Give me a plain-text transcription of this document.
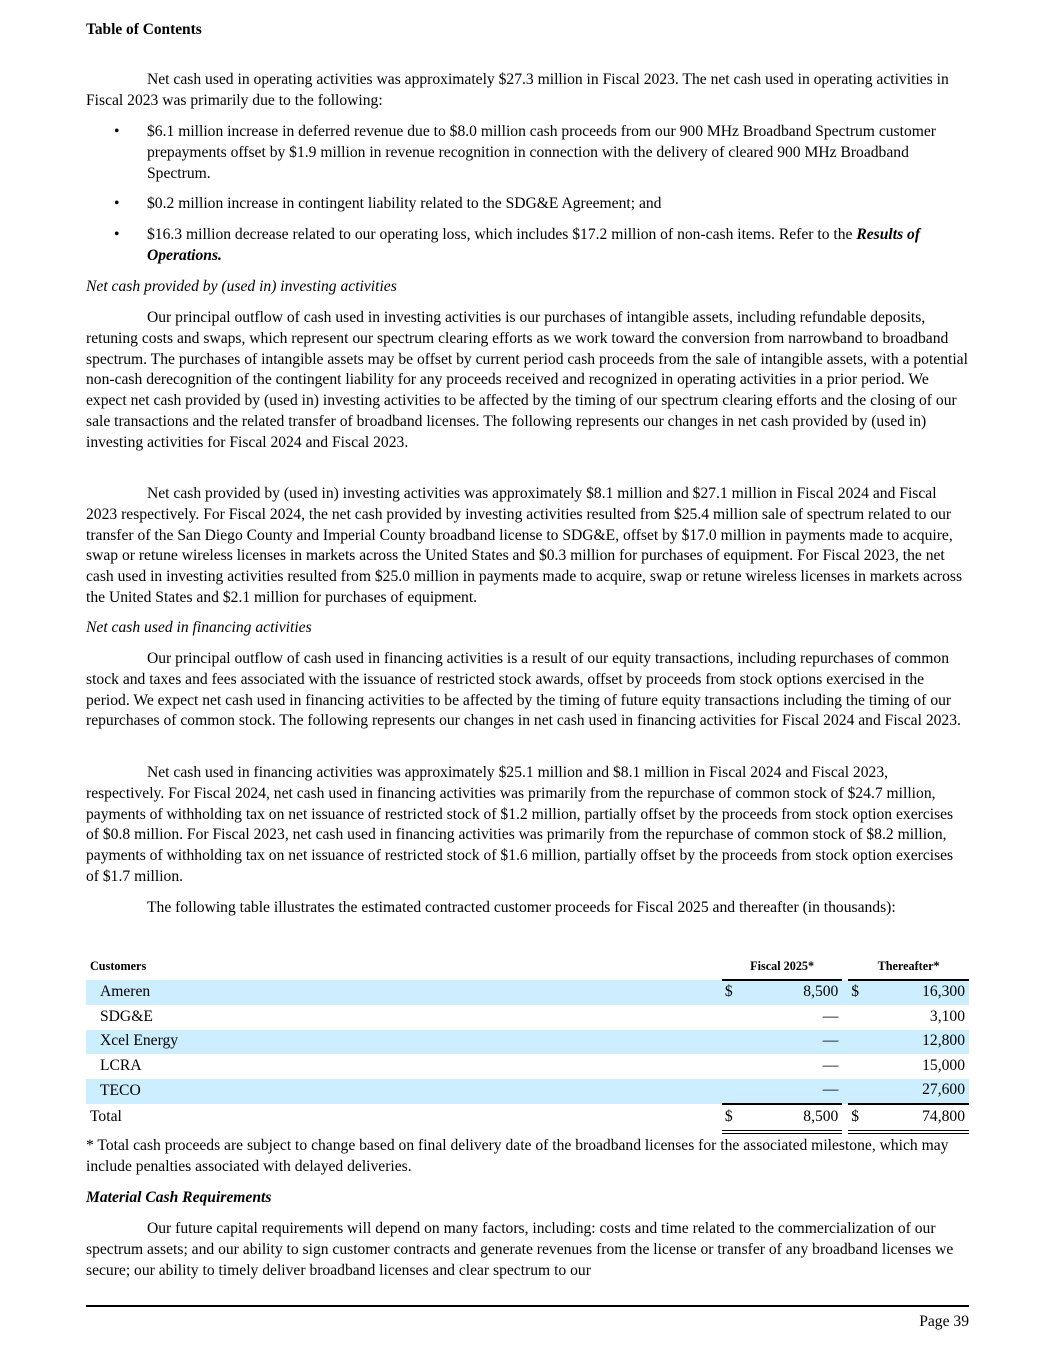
Table of Contents

Net cash used in operating activities was approximately $27.3 million in Fiscal 2023. The net cash used in operating activities in Fiscal 2023 was primarily due to the following:

• $6.1 million increase in deferred revenue due to $8.0 million cash proceeds from our 900 MHz Broadband Spectrum customer prepayments offset by $1.9 million in revenue recognition in connection with the delivery of cleared 900 MHz Broadband Spectrum.
• $0.2 million increase in contingent liability related to the SDG&E Agreement; and
• $16.3 million decrease related to our operating loss, which includes $17.2 million of non-cash items. Refer to the Results of Operations.

Net cash provided by (used in) investing activities

Our principal outflow of cash used in investing activities is our purchases of intangible assets, including refundable deposits, retuning costs and swaps, which represent our spectrum clearing efforts as we work toward the conversion from narrowband to broadband spectrum. The purchases of intangible assets may be offset by current period cash proceeds from the sale of intangible assets, with a potential non-cash derecognition of the contingent liability for any proceeds received and recognized in operating activities in a prior period. We expect net cash provided by (used in) investing activities to be affected by the timing of our spectrum clearing efforts and the closing of our sale transactions and the related transfer of broadband licenses. The following represents our changes in net cash provided by (used in) investing activities for Fiscal 2024 and Fiscal 2023.

Net cash provided by (used in) investing activities was approximately $8.1 million and $27.1 million in Fiscal 2024 and Fiscal 2023 respectively. For Fiscal 2024, the net cash provided by investing activities resulted from $25.4 million sale of spectrum related to our transfer of the San Diego County and Imperial County broadband license to SDG&E, offset by $17.0 million in payments made to acquire, swap or retune wireless licenses in markets across the United States and $0.3 million for purchases of equipment. For Fiscal 2023, the net cash used in investing activities resulted from $25.0 million in payments made to acquire, swap or retune wireless licenses in markets across the United States and $2.1 million for purchases of equipment.

Net cash used in financing activities

Our principal outflow of cash used in financing activities is a result of our equity transactions, including repurchases of common stock and taxes and fees associated with the issuance of restricted stock awards, offset by proceeds from stock options exercised in the period. We expect net cash used in financing activities to be affected by the timing of future equity transactions including the timing of our repurchases of common stock. The following represents our changes in net cash used in financing activities for Fiscal 2024 and Fiscal 2023.

Net cash used in financing activities was approximately $25.1 million and $8.1 million in Fiscal 2024 and Fiscal 2023, respectively. For Fiscal 2024, net cash used in financing activities was primarily from the repurchase of common stock of $24.7 million, payments of withholding tax on net issuance of restricted stock of $1.2 million, partially offset by the proceeds from stock option exercises of $0.8 million. For Fiscal 2023, net cash used in financing activities was primarily from the repurchase of common stock of $8.2 million, payments of withholding tax on net issuance of restricted stock of $1.6 million, partially offset by the proceeds from stock option exercises of $1.7 million.

The following table illustrates the estimated contracted customer proceeds for Fiscal 2025 and thereafter (in thousands):

Customers	Fiscal 2025*			Thereafter*	
Ameren	$	8,500		$	16,300
SDG&E		—			3,100
Xcel Energy		—			12,800
LCRA		—			15,000
TECO		—			27,600
Total	$	8,500		$	74,800

* Total cash proceeds are subject to change based on final delivery date of the broadband licenses for the associated milestone, which may include penalties associated with delayed deliveries.

Material Cash Requirements

Our future capital requirements will depend on many factors, including: costs and time related to the commercialization of our spectrum assets; and our ability to sign customer contracts and generate revenues from the license or transfer of any broadband licenses we secure; our ability to timely deliver broadband licenses and clear spectrum to our

Page 39
